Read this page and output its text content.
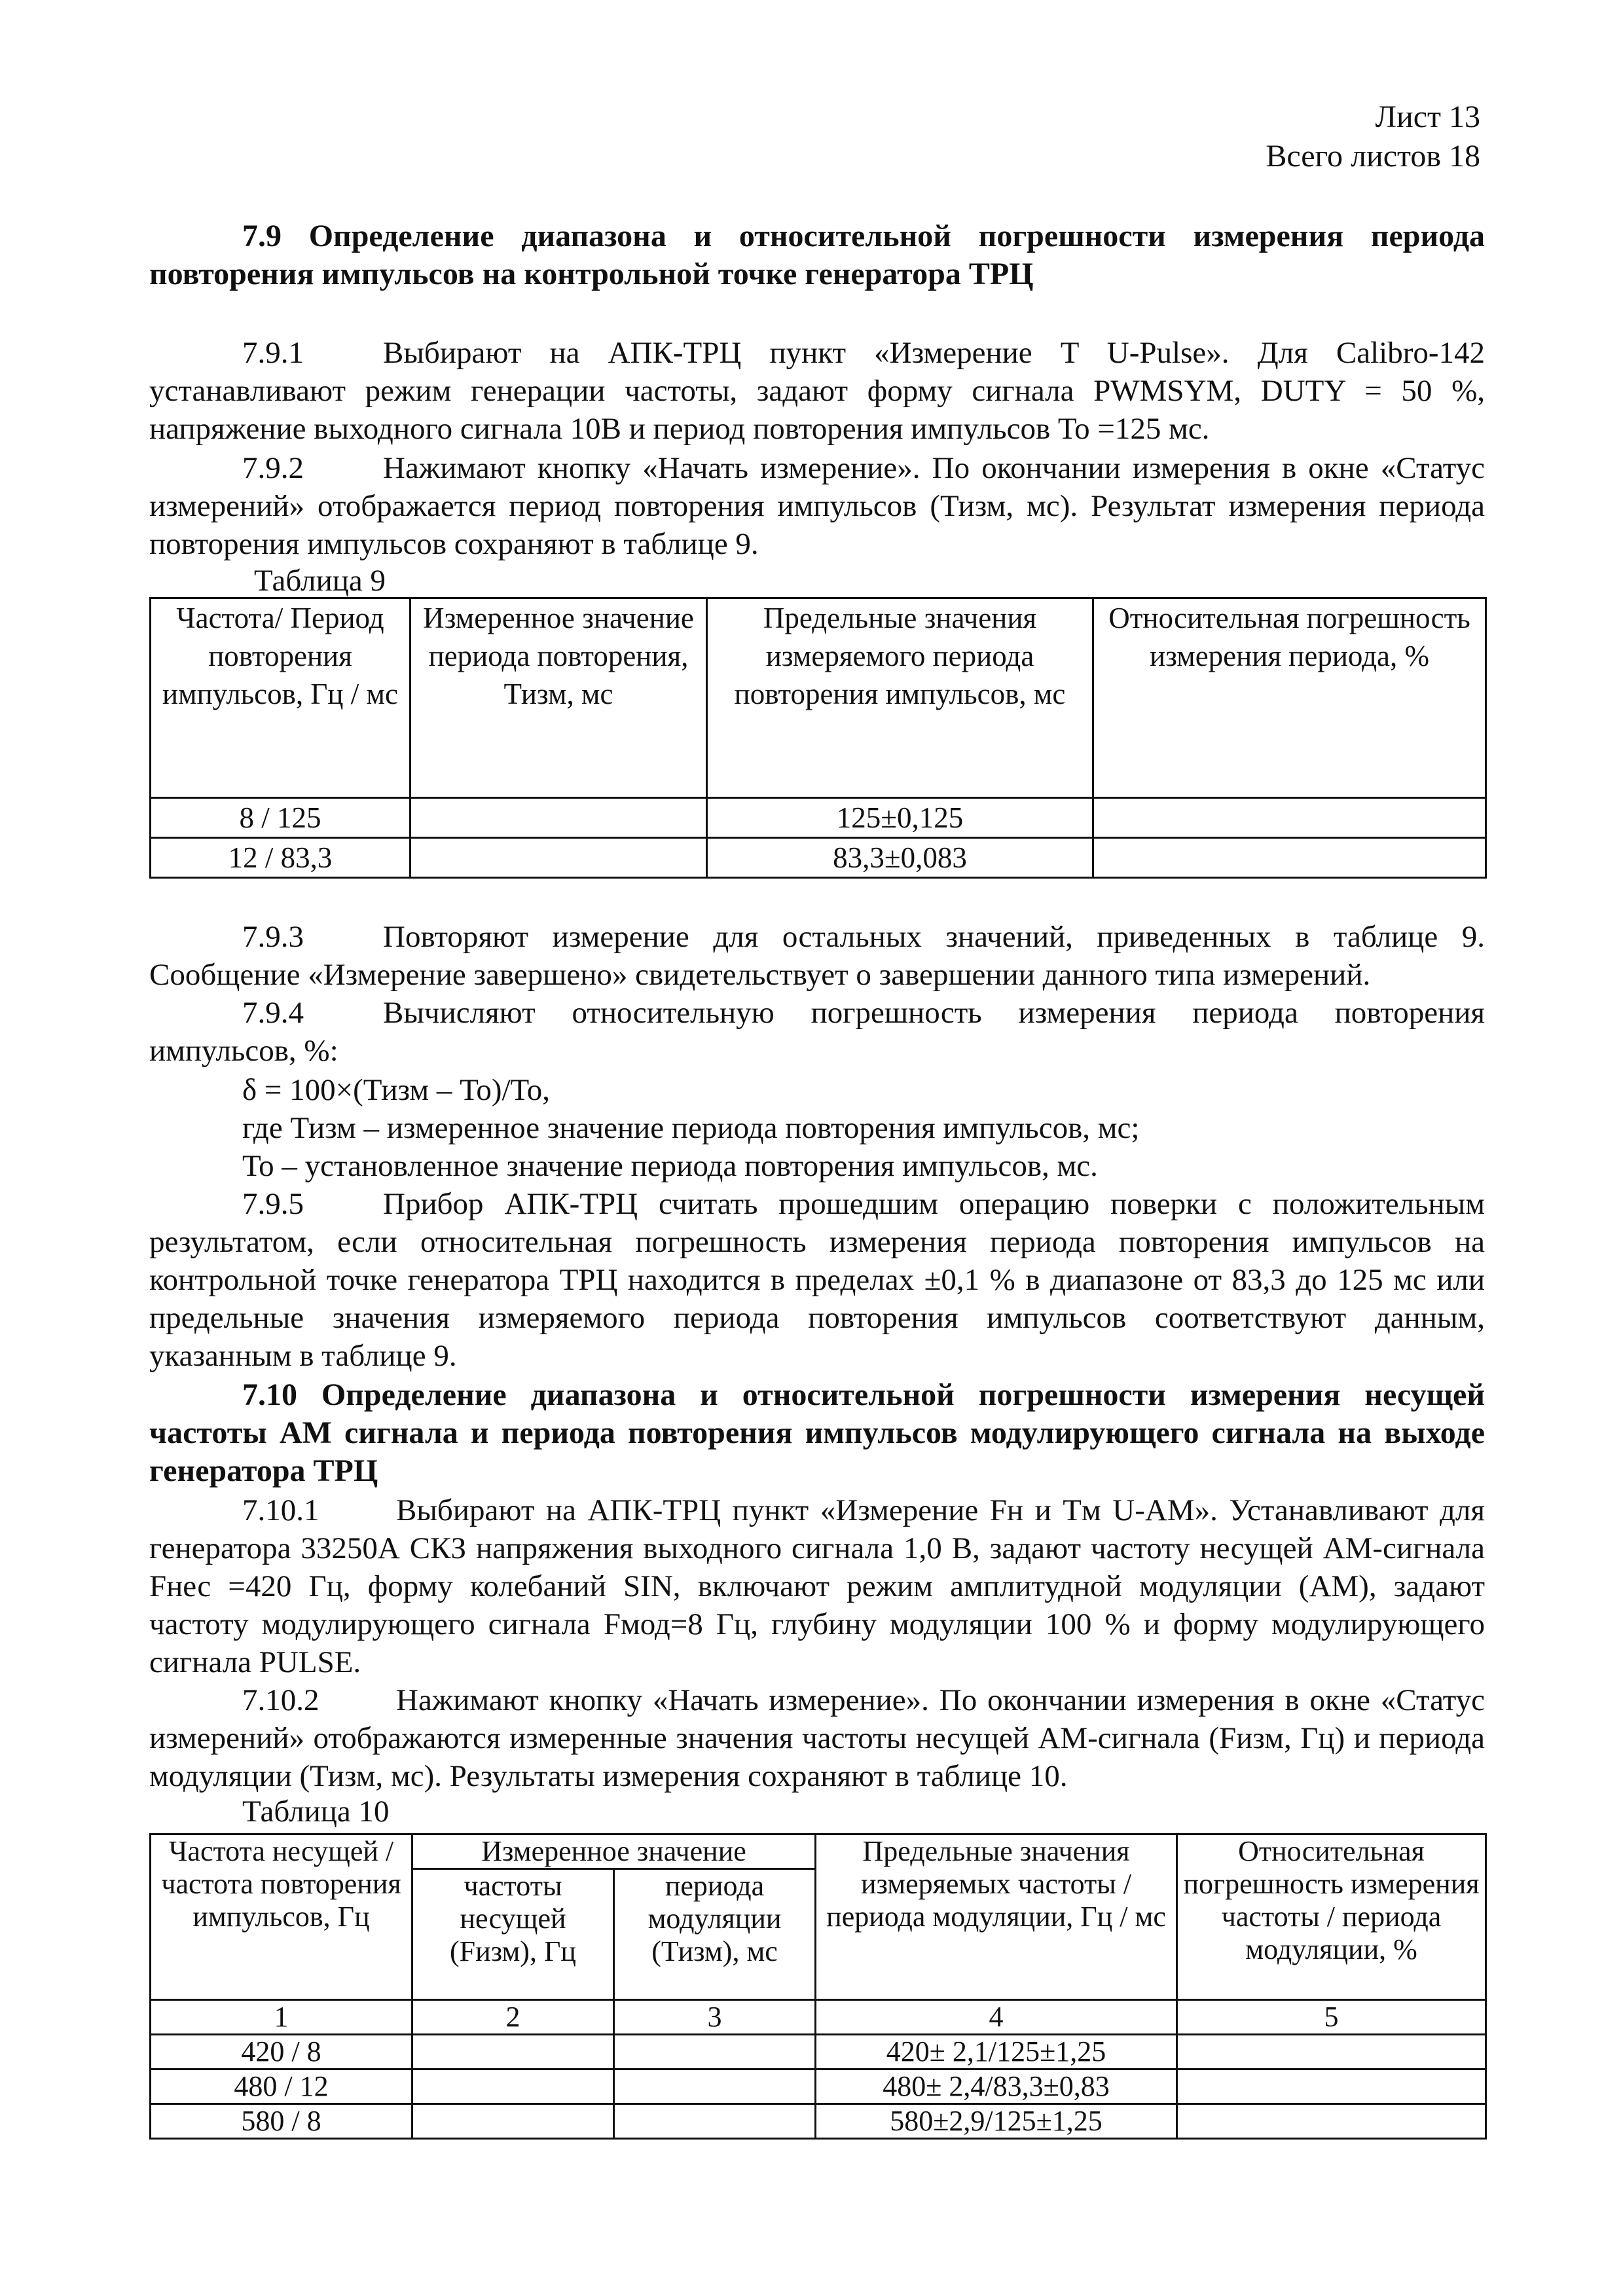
Лист 13
Всего листов 18
7.9 Определение диапазона и относительной погрешности измерения периода повторения импульсов на контрольной точке генератора ТРЦ
7.9.1	Выбирают на АПК-ТРЦ пункт «Измерение T U-Pulse». Для Calibro-142 устанавливают режим генерации частоты, задают форму сигнала PWMSYM, DUTY = 50 %, напряжение выходного сигнала 10В и период повторения импульсов То =125 мс.
7.9.2	Нажимают кнопку «Начать измерение». По окончании измерения в окне «Статус измерений» отображается период повторения импульсов (Тизм, мс). Результат измерения периода повторения импульсов сохраняют в таблице 9.
Таблица 9
Частота/ Период повторения импульсов, Гц / мс	Измеренное значение периода повторения, Тизм, мс	Предельные значения измеряемого периода повторения импульсов, мс	Относительная погрешность измерения периода, %
8 / 125		125±0,125	
12 / 83,3		83,3±0,083	
7.9.3	Повторяют измерение для остальных значений, приведенных в таблице 9. Сообщение «Измерение завершено» свидетельствует о завершении данного типа измерений.
7.9.4	Вычисляют относительную погрешность измерения периода повторения импульсов, %:
δ = 100×(Тизм – То)/То,
где Тизм – измеренное значение периода повторения импульсов, мс;
То – установленное значение периода повторения импульсов, мс.
7.9.5	Прибор АПК-ТРЦ считать прошедшим операцию поверки с положительным результатом, если относительная погрешность измерения периода повторения импульсов на контрольной точке генератора ТРЦ находится в пределах ±0,1 % в диапазоне от 83,3 до 125 мс или предельные значения измеряемого периода повторения импульсов соответствуют данным, указанным в таблице 9.
7.10 Определение диапазона и относительной погрешности измерения несущей частоты АМ сигнала и периода повторения импульсов модулирующего сигнала на выходе генератора ТРЦ
7.10.1	Выбирают на АПК-ТРЦ пункт «Измерение Fн и Tм U-AM». Устанавливают для генератора 33250А СКЗ напряжения выходного сигнала 1,0 В, задают частоту несущей АМ-сигнала Fнес =420 Гц, форму колебаний SIN, включают режим амплитудной модуляции (АМ), задают частоту модулирующего сигнала Fмод=8 Гц, глубину модуляции 100 % и форму модулирующего сигнала PULSE.
7.10.2	Нажимают кнопку «Начать измерение». По окончании измерения в окне «Статус измерений» отображаются измеренные значения частоты несущей АМ-сигнала (Fизм, Гц) и периода модуляции (Тизм, мс). Результаты измерения сохраняют в таблице 10.
Таблица 10
Частота несущей / частота повторения импульсов, Гц	Измеренное значение		Предельные значения измеряемых частоты / периода модуляции, Гц / мс	Относительная погрешность измерения частоты / периода модуляции, %
	частоты несущей (Fизм), Гц	периода модуляции (Тизм), мс		
1	2	3	4	5
420 / 8			420± 2,1/125±1,25	
480 / 12			480± 2,4/83,3±0,83	
580 / 8			580±2,9/125±1,25	
